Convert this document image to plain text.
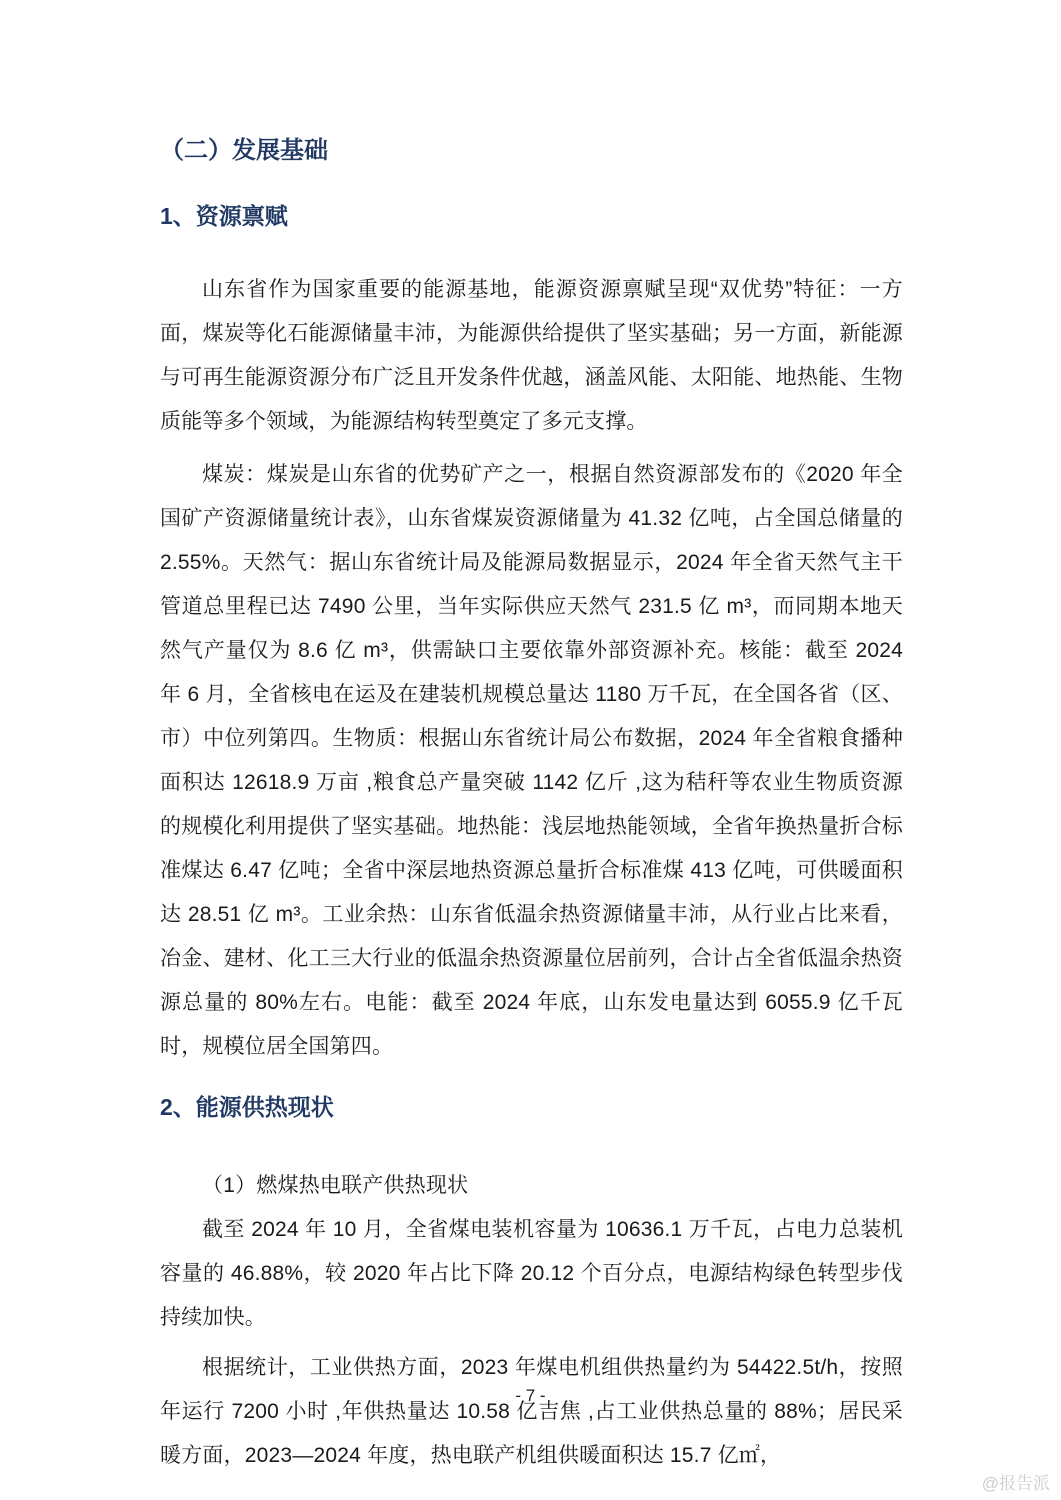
（二）发展基础
1、资源禀赋

山东省作为国家重要的能源基地，能源资源禀赋呈现“双优势”特征：一方面，煤炭等化石能源储量丰沛，为能源供给提供了坚实基础；另一方面，新能源与可再生能源资源分布广泛且开发条件优越，涵盖风能、太阳能、地热能、生物质能等多个领域，为能源结构转型奠定了多元支撑。

煤炭：煤炭是山东省的优势矿产之一，根据自然资源部发布的《2020 年全国矿产资源储量统计表》，山东省煤炭资源储量为 41.32 亿吨，占全国总储量的 2.55%。天然气：据山东省统计局及能源局数据显示，2024 年全省天然气主干管道总里程已达 7490 公里，当年实际供应天然气 231.5 亿 m³，而同期本地天然气产量仅为 8.6 亿 m³，供需缺口主要依靠外部资源补充。核能：截至 2024 年 6 月，全省核电在运及在建装机规模总量达 1180 万千瓦，在全国各省（区、市）中位列第四。生物质：根据山东省统计局公布数据，2024 年全省粮食播种面积达 12618.9 万亩 ,粮食总产量突破 1142 亿斤 ,这为秸秆等农业生物质资源的规模化利用提供了坚实基础。地热能：浅层地热能领域，全省年换热量折合标准煤达 6.47 亿吨；全省中深层地热资源总量折合标准煤 413 亿吨，可供暖面积达 28.51 亿 m³。工业余热：山东省低温余热资源储量丰沛，从行业占比来看，冶金、建材、化工三大行业的低温余热资源量位居前列，合计占全省低温余热资源总量的 80%左右。电能：截至 2024 年底，山东发电量达到 6055.9 亿千瓦时，规模位居全国第四。

2、能源供热现状

（1）燃煤热电联产供热现状

截至 2024 年 10 月，全省煤电装机容量为 10636.1 万千瓦，占电力总装机容量的 46.88%，较 2020 年占比下降 20.12 个百分点，电源结构绿色转型步伐持续加快。

根据统计，工业供热方面，2023 年煤电机组供热量约为 54422.5t/h，按照年运行 7200 小时 ,年供热量达 10.58 亿吉焦 ,占工业供热总量的 88%；居民采暖方面，2023—2024 年度，热电联产机组供暖面积达 15.7 亿㎡，

- 7 -
@报告派
